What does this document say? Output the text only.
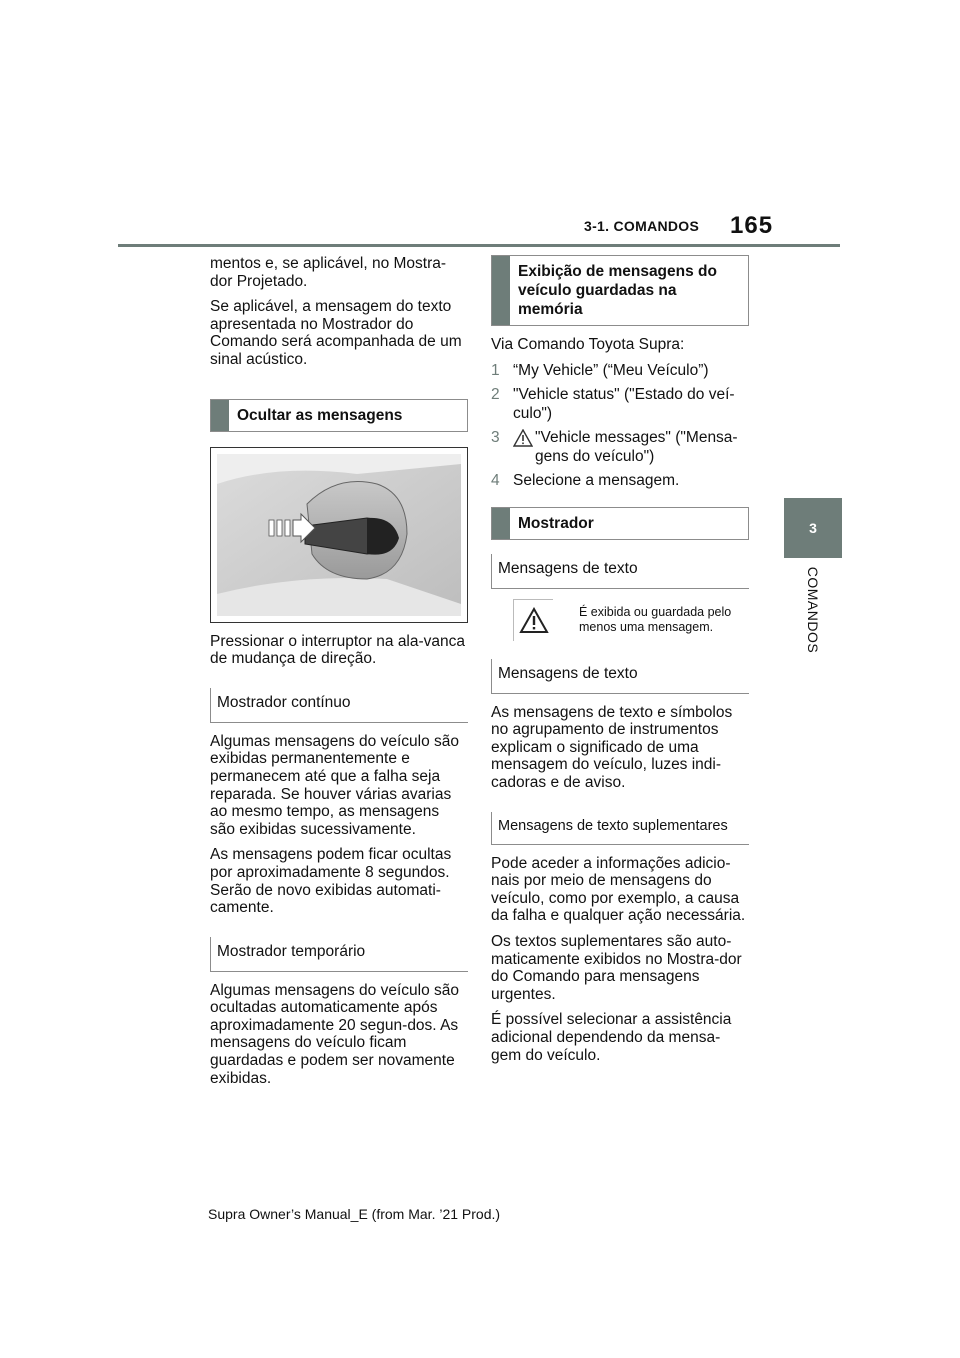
3-1. COMANDOS 165
3
COMANDOS

mentos e, se aplicável, no Mostra-dor Projetado.

Se aplicável, a mensagem do texto apresentada no Mostrador do Comando será acompanhada de um sinal acústico.

Ocultar as mensagens

Pressionar o interruptor na ala-vanca de mudança de direção.

Mostrador contínuo

Algumas mensagens do veículo são exibidas permanentemente e permanecem até que a falha seja reparada. Se houver várias avarias ao mesmo tempo, as mensagens são exibidas sucessivamente.

As mensagens podem ficar ocultas por aproximadamente 8 segundos. Serão de novo exibidas automati-camente.

Mostrador temporário

Algumas mensagens do veículo são ocultadas automaticamente após aproximadamente 20 segun-dos. As mensagens do veículo ficam guardadas e podem ser novamente exibidas.

Exibição de mensagens do veículo guardadas na memória

Via Comando Toyota Supra:

1 “My Vehicle” (“Meu Veículo”)
2 "Vehicle status" ("Estado do veí-culo")
3	"Vehicle messages" ("Mensa-gens do veículo")
4 Selecione a mensagem.
Mostrador
Mensagens de texto
É exibida ou guardada pelo menos uma mensagem.
Mensagens de texto

As mensagens de texto e símbolos no agrupamento de instrumentos explicam o significado de uma mensagem do veículo, luzes indi-cadoras e de aviso.

Mensagens de texto suplementares

Pode aceder a informações adicio-nais por meio de mensagens do veículo, como por exemplo, a causa da falha e qualquer ação necessária.

Os textos suplementares são auto-maticamente exibidos no Mostra-dor do Comando para mensagens urgentes.

É possível selecionar a assistência adicional dependendo da mensa-gem do veículo.

Supra Owner’s Manual_E (from Mar. ’21 Prod.)
